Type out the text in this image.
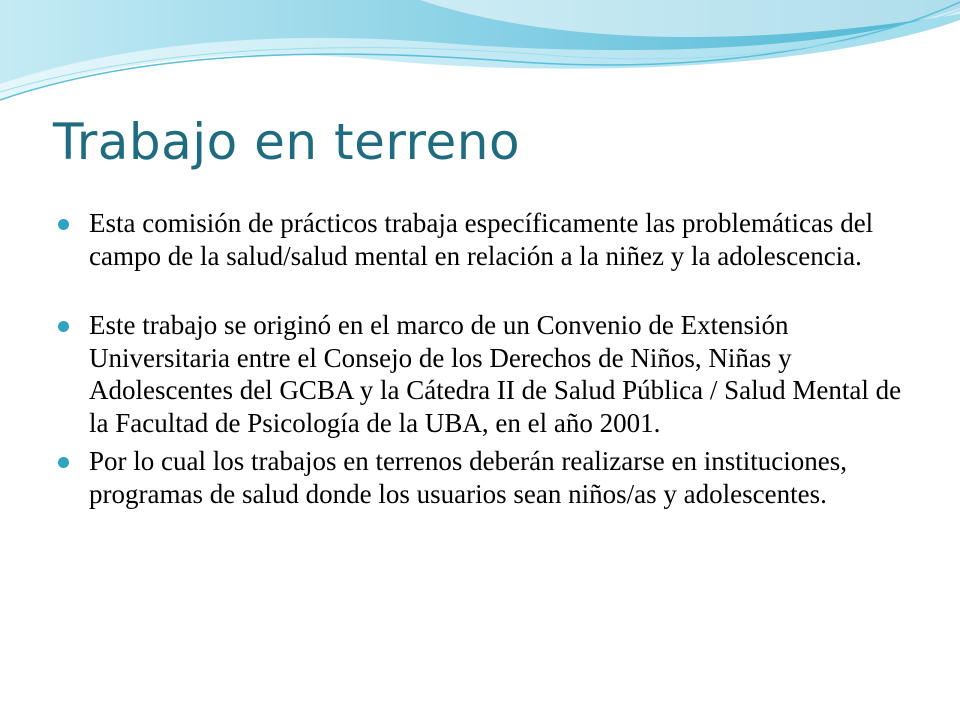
Trabajo en terreno
Esta comisión de prácticos trabaja específicamente las problemáticas del campo de la salud/salud mental en relación a la niñez y la adolescencia.
Este trabajo se originó en el marco de un Convenio de Extensión Universitaria entre el Consejo de los Derechos de Niños, Niñas y Adolescentes del GCBA y la Cátedra II de Salud Pública / Salud Mental de la Facultad de Psicología de la UBA, en el año 2001.
Por lo cual los trabajos en terrenos deberán realizarse en instituciones, programas de salud donde los usuarios sean niños/as y adolescentes.
